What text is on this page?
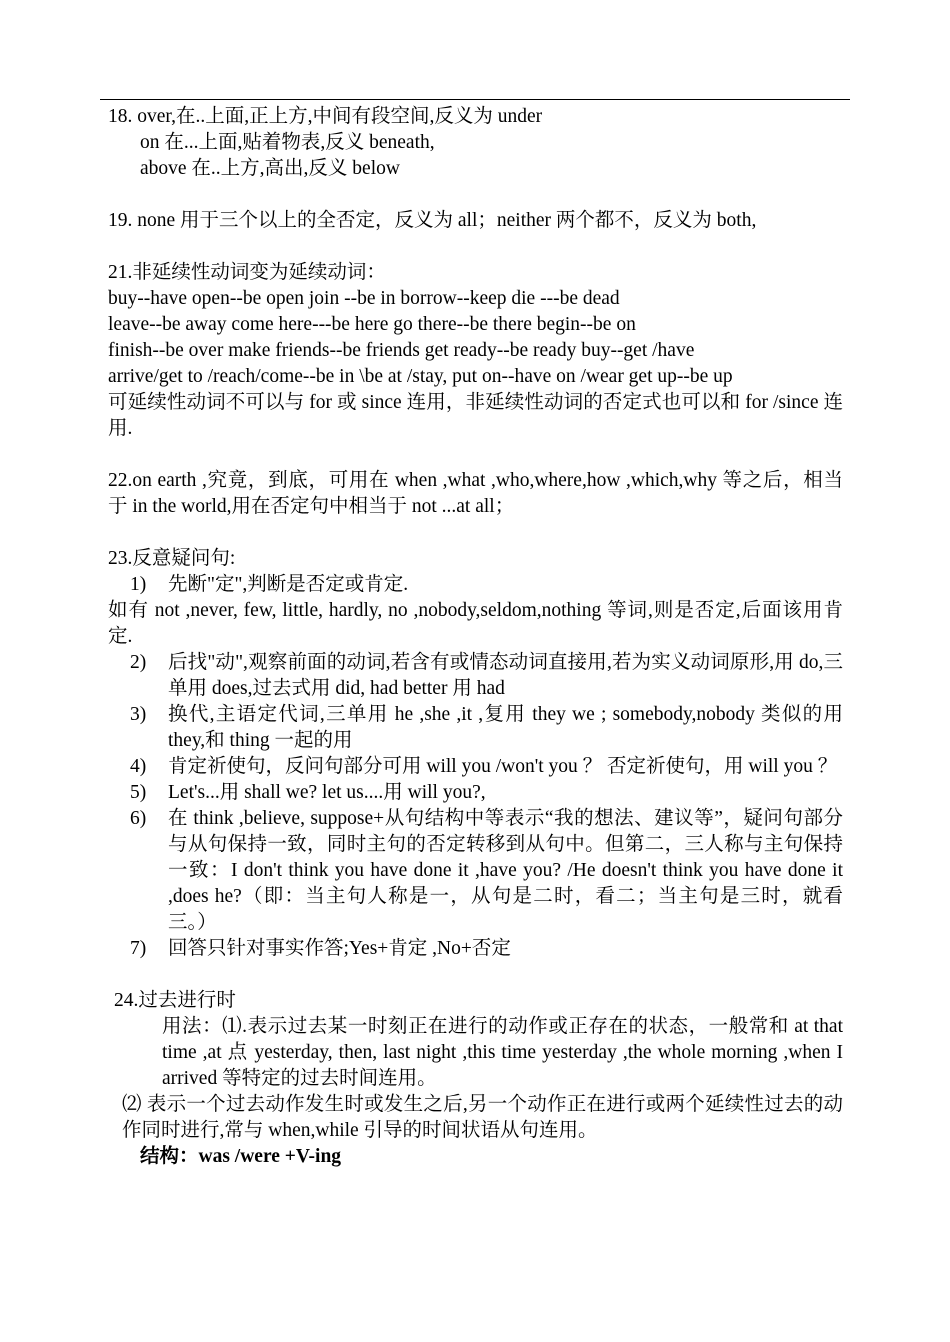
18. over,在..上面,正上方,中间有段空间,反义为 under

on 在...上面,贴着物表,反义 beneath,

above 在..上方,高出,反义 below

19. none 用于三个以上的全否定，反义为 all；neither 两个都不，反义为 both,

21.非延续性动词变为延续动词：

buy--have open--be open join --be in borrow--keep die ---be dead

leave--be away come here---be here go there--be there begin--be on

finish--be over make friends--be friends get ready--be ready buy--get /have

arrive/get to /reach/come--be in \be at /stay, put on--have on /wear get up--be up

可延续性动词不可以与 for 或 since 连用，非延续性动词的否定式也可以和 for /since 连用.

22.on earth ,究竟，到底，可用在 when ,what ,who,where,how ,which,why 等之后，相当于 in the world,用在否定句中相当于 not ...at all；

23.反意疑问句:

1) 先断"定",判断是否定或肯定.

如有 not ,never, few, little, hardly, no ,nobody,seldom,nothing 等词,则是否定,后面该用肯定.

2) 后找"动",观察前面的动词,若含有或情态动词直接用,若为实义动词原形,用 do,三单用 does,过去式用 did, had better 用 had
3) 换代,主语定代词,三单用 he ,she ,it ,复用 they we ; somebody,nobody 类似的用 they,和 thing 一起的用
4) 肯定祈使句，反问句部分可用 will you /won't you ？ 否定祈使句，用 will you ？
5) Let's...用 shall we? let us....用 will you?,
6) 在 think ,believe, suppose+从句结构中等表示“我的想法、建议等”，疑问句部分与从句保持一致，同时主句的否定转移到从句中。但第二，三人称与主句保持一致：I don't think you have done it ,have you? /He doesn't think you have done it ,does he?（即：当主句人称是一，从句是二时，看二；当主句是三时，就看三。）
7) 回答只针对事实作答;Yes+肯定 ,No+否定

24.过去进行时

用法：⑴.表示过去某一时刻正在进行的动作或正存在的状态，一般常和 at that time ,at 点 yesterday, then, last night ,this time yesterday ,the whole morning ,when I arrived 等特定的过去时间连用。

⑵ 表示一个过去动作发生时或发生之后,另一个动作正在进行或两个延续性过去的动作同时进行,常与 when,while 引导的时间状语从句连用。

结构：was /were +V-ing
